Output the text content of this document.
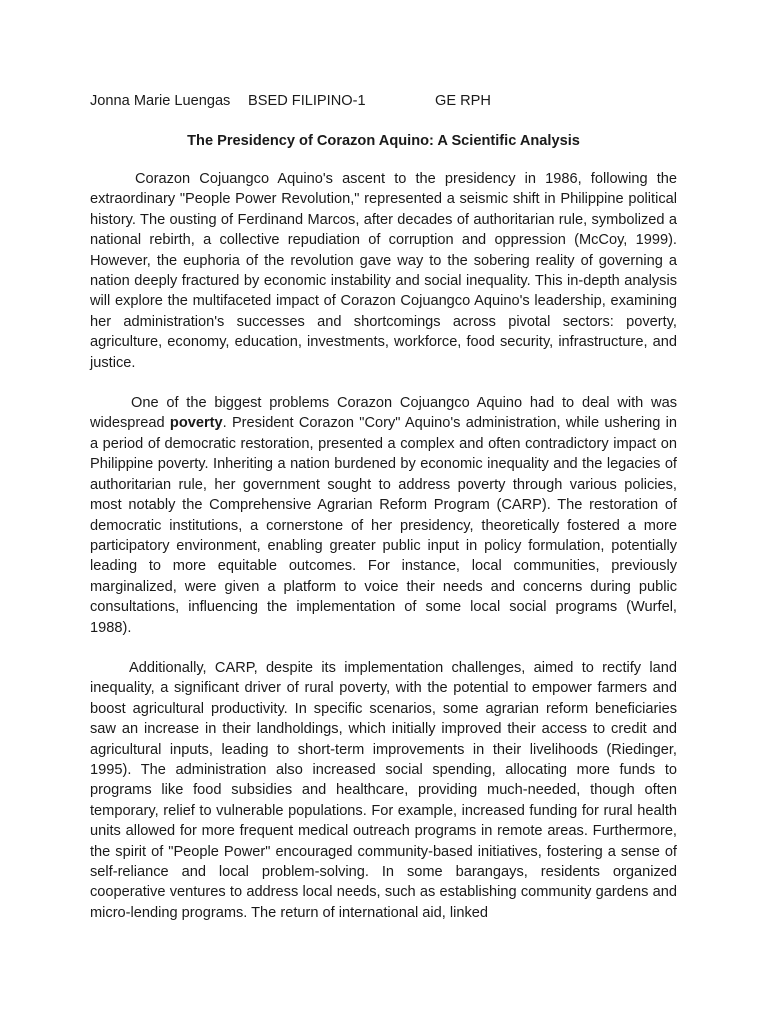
Jonna Marie Luengas

BSED FILIPINO-1

	GE RPH

The Presidency of Corazon Aquino: A Scientific Analysis

Corazon Cojuangco Aquino's ascent to the presidency in 1986, following the extraordinary "People Power Revolution," represented a seismic shift in Philippine political history. The ousting of Ferdinand Marcos, after decades of authoritarian rule, symbolized a national rebirth, a collective repudiation of corruption and oppression (McCoy, 1999). However, the euphoria of the revolution gave way to the sobering reality of governing a nation deeply fractured by economic instability and social inequality. This in-depth analysis will explore the multifaceted impact of Corazon Cojuangco Aquino's leadership, examining her administration's successes and shortcomings across pivotal sectors: poverty, agriculture, economy, education, investments, workforce, food security, infrastructure, and justice.

One of the biggest problems Corazon Cojuangco Aquino had to deal with was widespread poverty. President Corazon "Cory" Aquino's administration, while ushering in a period of democratic restoration, presented a complex and often contradictory impact on Philippine poverty. Inheriting a nation burdened by economic inequality and the legacies of authoritarian rule, her government sought to address poverty through various policies, most notably the Comprehensive Agrarian Reform Program (CARP). The restoration of democratic institutions, a cornerstone of her presidency, theoretically fostered a more participatory environment, enabling greater public input in policy formulation, potentially leading to more equitable outcomes. For instance, local communities, previously marginalized, were given a platform to voice their needs and concerns during public consultations, influencing the implementation of some local social programs (Wurfel, 1988).

Additionally, CARP, despite its implementation challenges, aimed to rectify land inequality, a significant driver of rural poverty, with the potential to empower farmers and boost agricultural productivity. In specific scenarios, some agrarian reform beneficiaries saw an increase in their landholdings, which initially improved their access to credit and agricultural inputs, leading to short-term improvements in their livelihoods (Riedinger, 1995). The administration also increased social spending, allocating more funds to programs like food subsidies and healthcare, providing much-needed, though often temporary, relief to vulnerable populations. For example, increased funding for rural health units allowed for more frequent medical outreach programs in remote areas. Furthermore, the spirit of "People Power" encouraged community-based initiatives, fostering a sense of self-reliance and local problem-solving. In some barangays, residents organized cooperative ventures to address local needs, such as establishing community gardens and micro-lending programs. The return of international aid, linked
